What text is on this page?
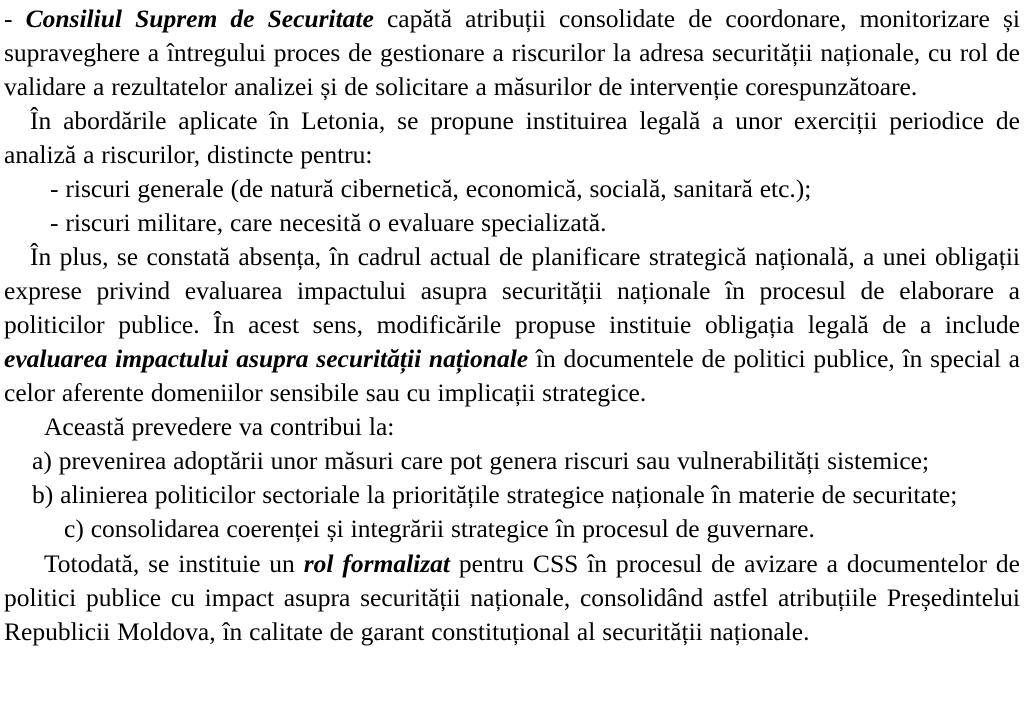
- Consiliul Suprem de Securitate capătă atribuții consolidate de coordonare, monitorizare și supraveghere a întregului proces de gestionare a riscurilor la adresa securității naționale, cu rol de validare a rezultatelor analizei și de solicitare a măsurilor de intervenție corespunzătoare.

În abordările aplicate în Letonia, se propune instituirea legală a unor exerciții periodice de analiză a riscurilor, distincte pentru:

- riscuri generale (de natură cibernetică, economică, socială, sanitară etc.);

- riscuri militare, care necesită o evaluare specializată.

În plus, se constată absența, în cadrul actual de planificare strategică națională, a unei obligații exprese privind evaluarea impactului asupra securității naționale în procesul de elaborare a politicilor publice. În acest sens, modificările propuse instituie obligația legală de a include evaluarea impactului asupra securității naționale în documentele de politici publice, în special a celor aferente domeniilor sensibile sau cu implicații strategice.

Această prevedere va contribui la:

a) prevenirea adoptării unor măsuri care pot genera riscuri sau vulnerabilități sistemice;

b) alinierea politicilor sectoriale la prioritățile strategice naționale în materie de securitate;

c) consolidarea coerenței și integrării strategice în procesul de guvernare.

Totodată, se instituie un rol formalizat pentru CSS în procesul de avizare a documentelor de politici publice cu impact asupra securității naționale, consolidând astfel atribuțiile Președintelui Republicii Moldova, în calitate de garant constituțional al securității naționale.
